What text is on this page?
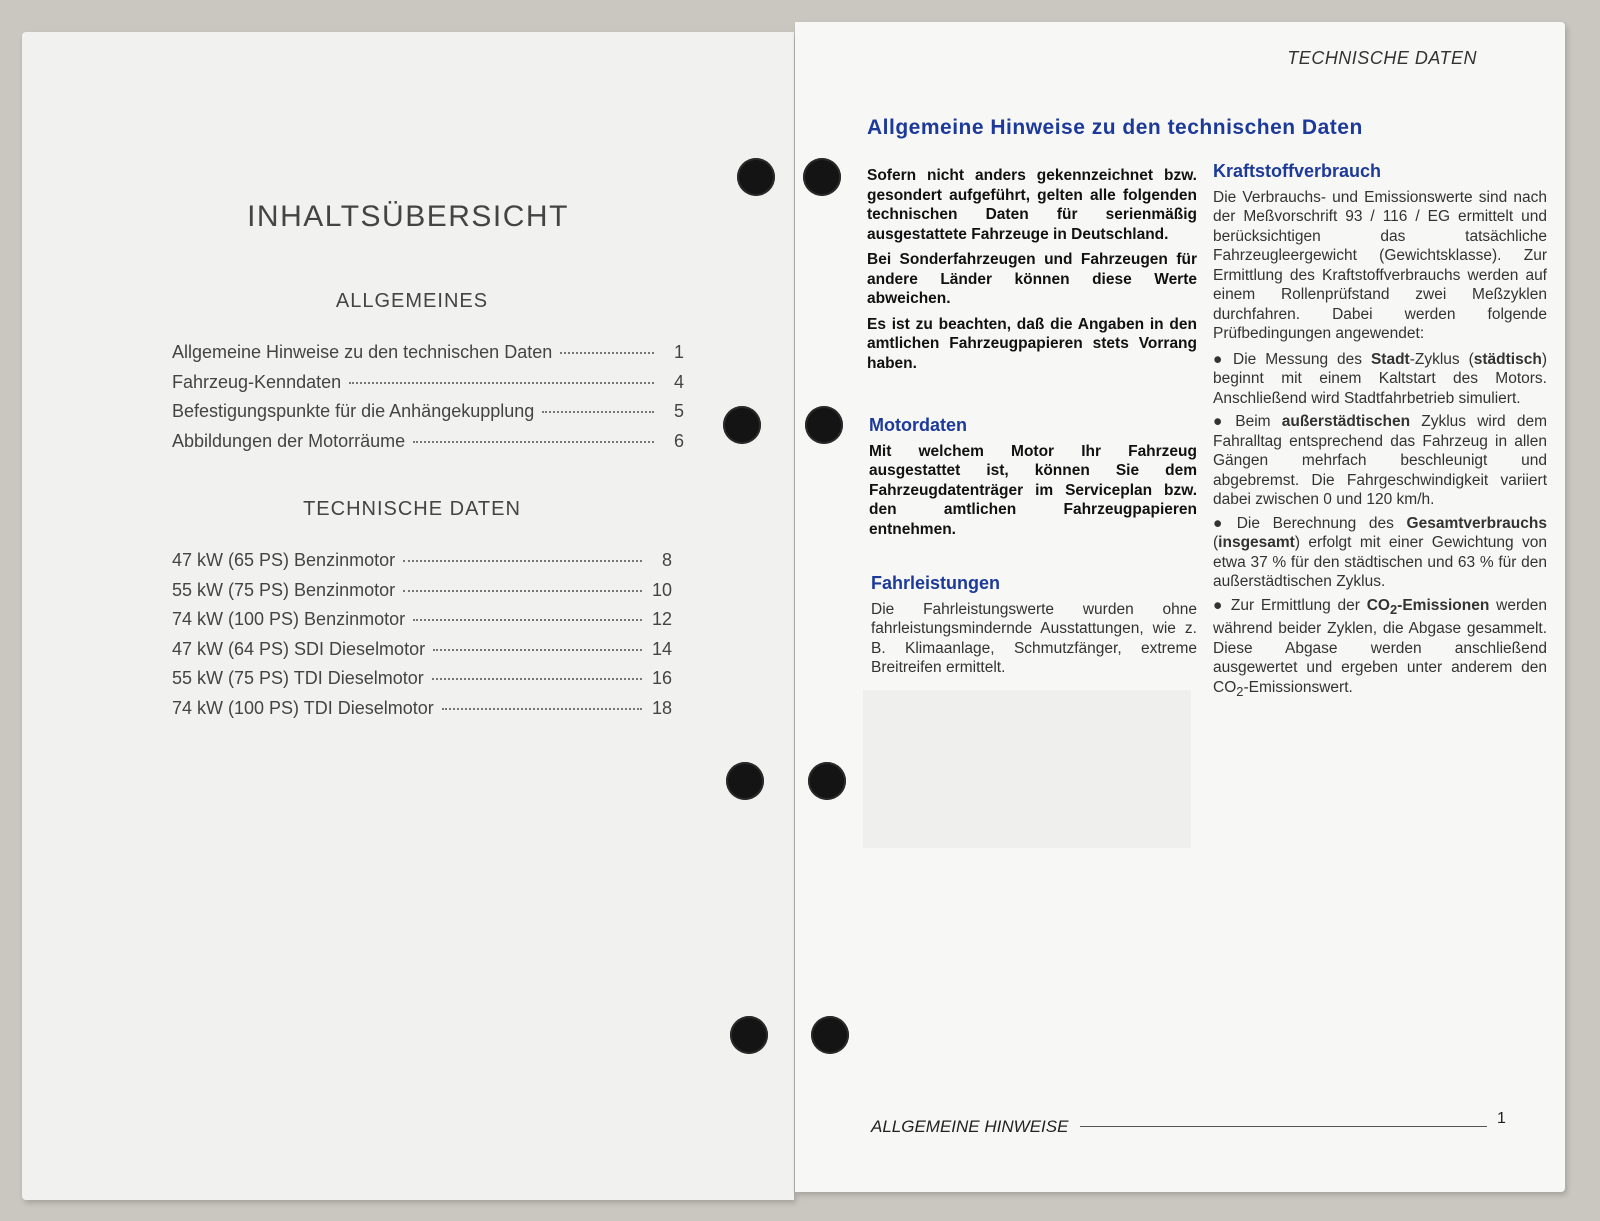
INHALTSÜBERSICHT
ALLGEMEINES
Allgemeine Hinweise zu den technischen Daten	1
Fahrzeug-Kenndaten	4
Befestigungspunkte für die Anhängekupplung	5
Abbildungen der Motorräume	6
TECHNISCHE DATEN
47 kW (65 PS) Benzinmotor	8
55 kW (75 PS) Benzinmotor	10
74 kW (100 PS) Benzinmotor	12
47 kW (64 PS) SDI Dieselmotor	14
55 kW (75 PS) TDI Dieselmotor	16
74 kW (100 PS) TDI Dieselmotor	18
TECHNISCHE DATEN
Allgemeine Hinweise zu den technischen Daten

Sofern nicht anders gekennzeichnet bzw. gesondert aufgeführt, gelten alle folgenden technischen Daten für serienmäßig ausgestattete Fahrzeuge in Deutschland.

Bei Sonderfahrzeugen und Fahrzeugen für andere Länder können diese Werte abweichen.

Es ist zu beachten, daß die Angaben in den amtlichen Fahrzeugpapieren stets Vorrang haben.

Motordaten

Mit welchem Motor Ihr Fahrzeug ausgestattet ist, können Sie dem Fahrzeugdatenträger im Serviceplan bzw. den amtlichen Fahrzeugpapieren entnehmen.

Fahrleistungen

Die Fahrleistungswerte wurden ohne fahrleistungsmindernde Ausstattungen, wie z. B. Klimaanlage, Schmutzfänger, extreme Breitreifen ermittelt.

Kraftstoffverbrauch

Die Verbrauchs- und Emissionswerte sind nach der Meßvorschrift 93 / 116 / EG ermittelt und berücksichtigen das tatsächliche Fahrzeugleergewicht (Gewichtsklasse). Zur Ermittlung des Kraftstoffverbrauchs werden auf einem Rollenprüfstand zwei Meßzyklen durchfahren. Dabei werden folgende Prüfbedingungen angewendet:

● Die Messung des Stadt-Zyklus (städtisch) beginnt mit einem Kaltstart des Motors. Anschließend wird Stadtfahrbetrieb simuliert.

● Beim außerstädtischen Zyklus wird dem Fahralltag entsprechend das Fahrzeug in allen Gängen mehrfach beschleunigt und abgebremst. Die Fahrgeschwindigkeit variiert dabei zwischen 0 und 120 km/h.

● Die Berechnung des Gesamtverbrauchs (insgesamt) erfolgt mit einer Gewichtung von etwa 37 % für den städtischen und 63 % für den außerstädtischen Zyklus.

● Zur Ermittlung der $CO_2$-Emissionen werden während beider Zyklen, die Abgase gesammelt. Diese Abgase werden anschließend ausgewertet und ergeben unter anderem den $CO_2$-Emissionswert.

ALLGEMEINE HINWEISE	1
